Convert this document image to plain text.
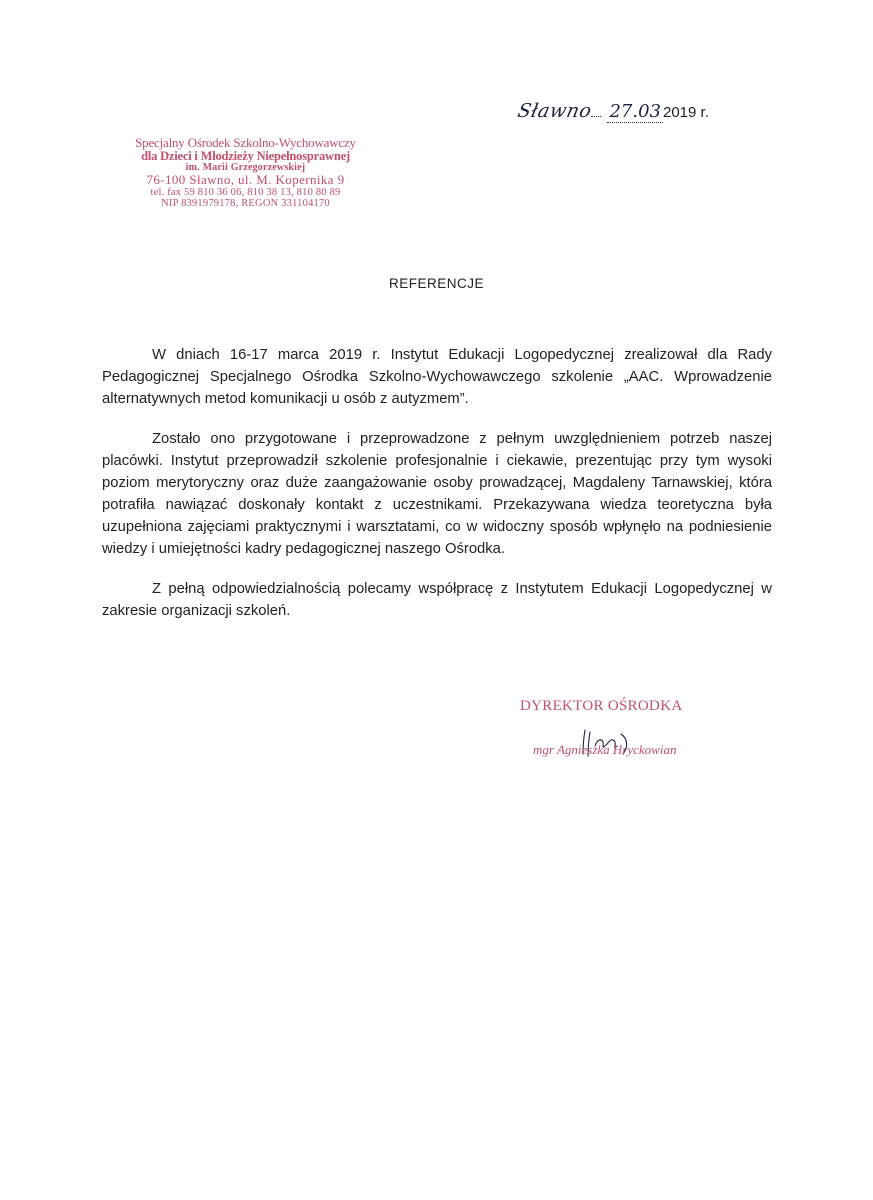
Sławno 27.03 2019 r.
Specjalny Ośrodek Szkolno-Wychowawczy
dla Dzieci i Młodzieży Niepełnosprawnej
im. Marii Grzegorzewskiej
76-100 Sławno, ul. M. Kopernika 9
tel. fax 59 810 36 06, 810 38 13, 810 80 89
NIP 8391979178, REGON 331104170
REFERENCJE

W dniach 16-17 marca 2019 r. Instytut Edukacji Logopedycznej zrealizował dla Rady Pedagogicznej Specjalnego Ośrodka Szkolno-Wychowawczego szkolenie „AAC. Wprowadzenie alternatywnych metod komunikacji u osób z autyzmem”.

Zostało ono przygotowane i przeprowadzone z pełnym uwzględnieniem potrzeb naszej placówki. Instytut przeprowadził szkolenie profesjonalnie i ciekawie, prezentując przy tym wysoki poziom merytoryczny oraz duże zaangażowanie osoby prowadzącej, Magdaleny Tarnawskiej, która potrafiła nawiązać doskonały kontakt z uczestnikami. Przekazywana wiedza teoretyczna była uzupełniona zajęciami praktycznymi i warsztatami, co w widoczny sposób wpłynęło na podniesienie wiedzy i umiejętności kadry pedagogicznej naszego Ośrodka.

Z pełną odpowiedzialnością polecamy współpracę z Instytutem Edukacji Logopedycznej w zakresie organizacji szkoleń.

DYREKTOR OŚRODKA
mgr Agnieszka Hryckowian
